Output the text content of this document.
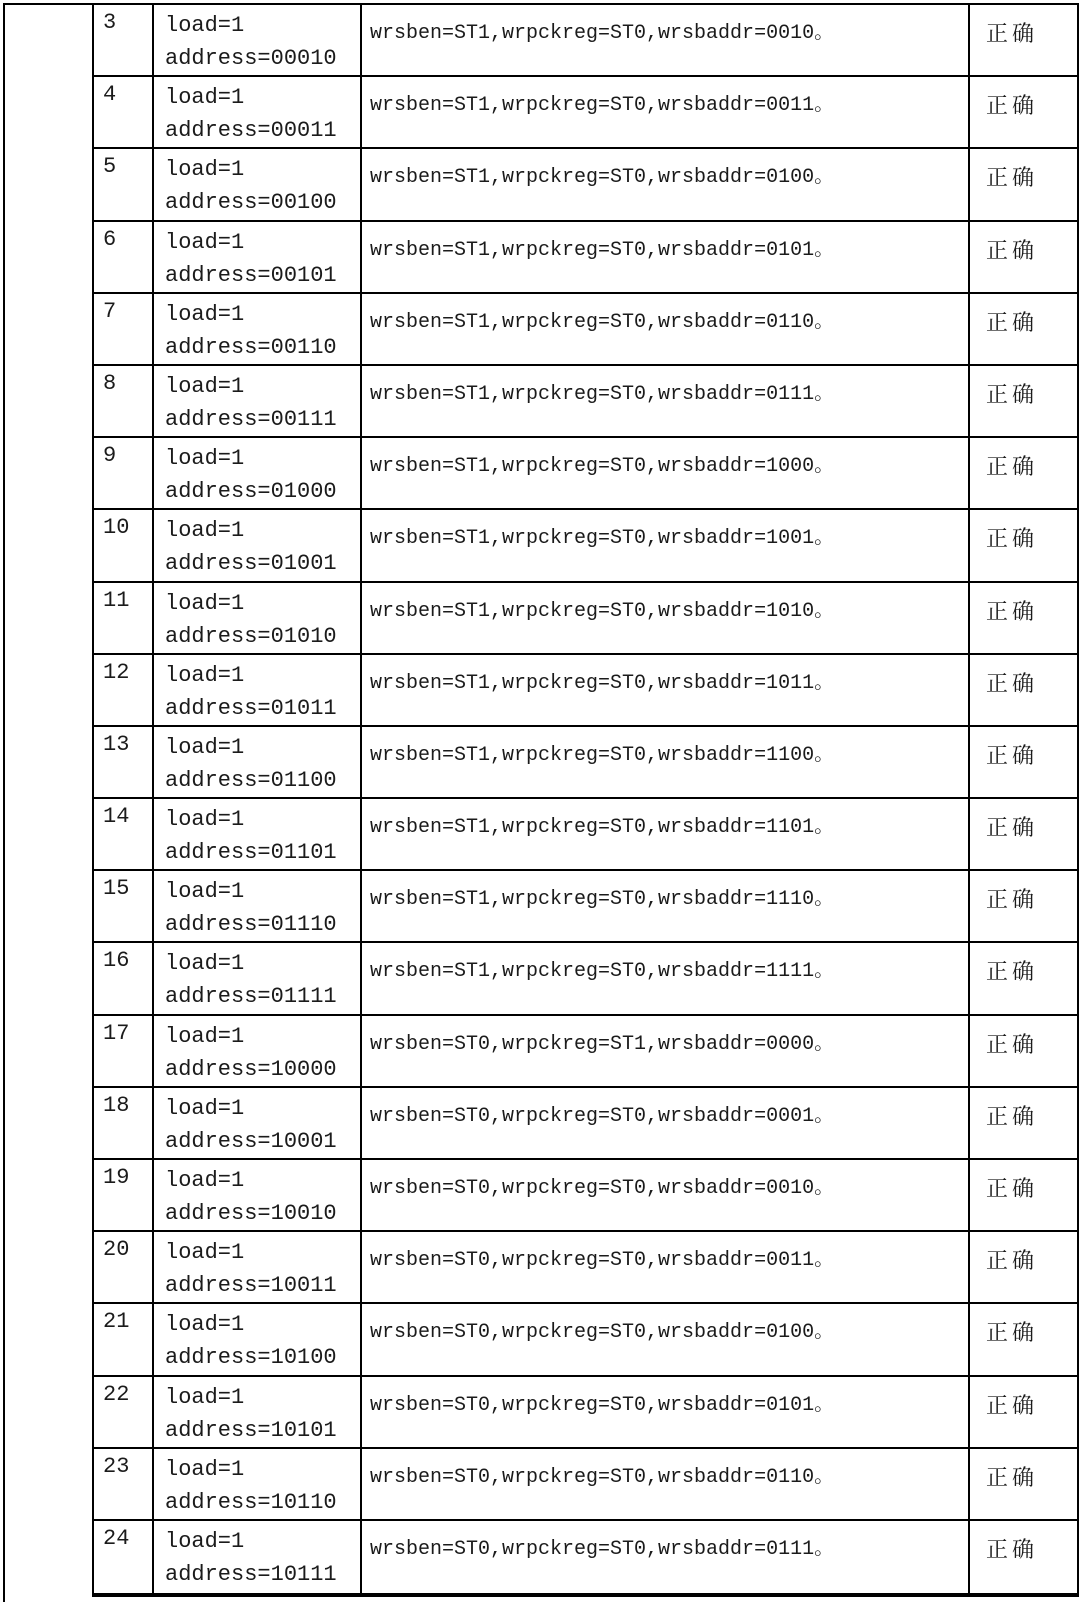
3	load=1
address=00010
wrsben=ST1,wrpckreg=ST0,wrsbaddr=0010。	正确
4	load=1
address=00011
wrsben=ST1,wrpckreg=ST0,wrsbaddr=0011。	正确
5	load=1
address=00100
wrsben=ST1,wrpckreg=ST0,wrsbaddr=0100。	正确
6	load=1
address=00101
wrsben=ST1,wrpckreg=ST0,wrsbaddr=0101。	正确
7	load=1
address=00110
wrsben=ST1,wrpckreg=ST0,wrsbaddr=0110。	正确
8	load=1
address=00111
wrsben=ST1,wrpckreg=ST0,wrsbaddr=0111。	正确
9	load=1
address=01000
wrsben=ST1,wrpckreg=ST0,wrsbaddr=1000。	正确
10	load=1
address=01001
wrsben=ST1,wrpckreg=ST0,wrsbaddr=1001。	正确
11	load=1
address=01010
wrsben=ST1,wrpckreg=ST0,wrsbaddr=1010。	正确
12	load=1
address=01011
wrsben=ST1,wrpckreg=ST0,wrsbaddr=1011。	正确
13	load=1
address=01100
wrsben=ST1,wrpckreg=ST0,wrsbaddr=1100。	正确
14	load=1
address=01101
wrsben=ST1,wrpckreg=ST0,wrsbaddr=1101。	正确
15	load=1
address=01110
wrsben=ST1,wrpckreg=ST0,wrsbaddr=1110。	正确
16	load=1
address=01111
wrsben=ST1,wrpckreg=ST0,wrsbaddr=1111。	正确
17	load=1
address=10000
wrsben=ST0,wrpckreg=ST1,wrsbaddr=0000。	正确
18	load=1
address=10001
wrsben=ST0,wrpckreg=ST0,wrsbaddr=0001。	正确
19	load=1
address=10010
wrsben=ST0,wrpckreg=ST0,wrsbaddr=0010。	正确
20	load=1
address=10011
wrsben=ST0,wrpckreg=ST0,wrsbaddr=0011。	正确
21	load=1
address=10100
wrsben=ST0,wrpckreg=ST0,wrsbaddr=0100。	正确
22	load=1
address=10101
wrsben=ST0,wrpckreg=ST0,wrsbaddr=0101。	正确
23	load=1
address=10110
wrsben=ST0,wrpckreg=ST0,wrsbaddr=0110。	正确
24	load=1
address=10111
wrsben=ST0,wrpckreg=ST0,wrsbaddr=0111。	正确
